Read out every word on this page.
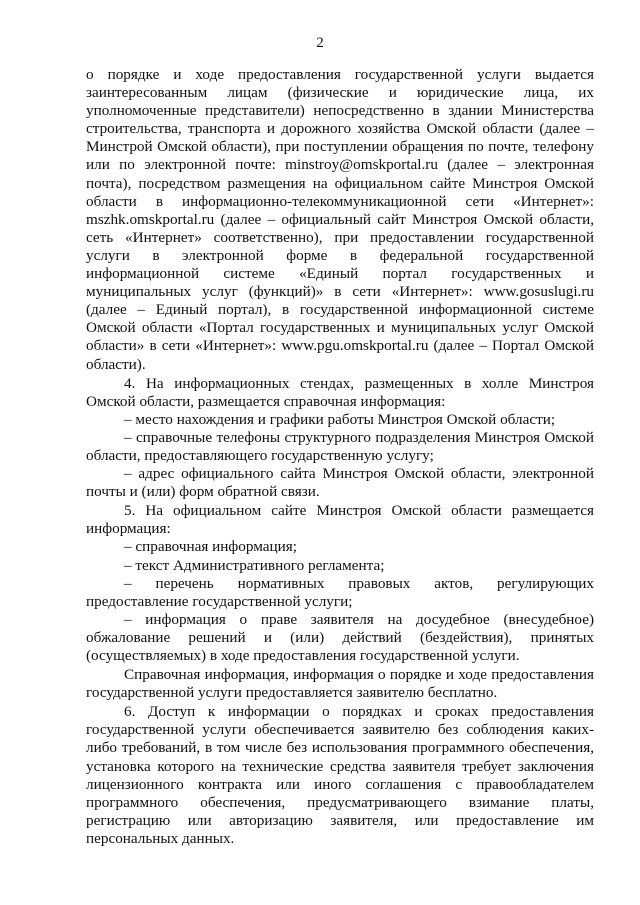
2

о порядке и ходе предоставления государственной услуги выдается заинтересованным лицам (физические и юридические лица, их уполномоченные представители) непосредственно в здании Министерства строительства, транспорта и дорожного хозяйства Омской области (далее – Минстрой Омской области), при поступлении обращения по почте, телефону или по электронной почте: minstroy@omskportal.ru (далее – электронная почта), посредством размещения на официальном сайте Минстроя Омской области в информационно-телекоммуникационной сети «Интернет»: mszhk.omskportal.ru (далее – официальный сайт Минстроя Омской области, сеть «Интернет» соответственно), при предоставлении государственной услуги в электронной форме в федеральной государственной информационной системе «Единый портал государственных и муниципальных услуг (функций)» в сети «Интернет»: www.gosuslugi.ru (далее – Единый портал), в государственной информационной системе Омской области «Портал государственных и муниципальных услуг Омской области» в сети «Интернет»: www.pgu.omskportal.ru (далее – Портал Омской области).

4. На информационных стендах, размещенных в холле Минстроя Омской области, размещается справочная информация:

– место нахождения и графики работы Минстроя Омской области;

– справочные телефоны структурного подразделения Минстроя Омской области, предоставляющего государственную услугу;

– адрес официального сайта Минстроя Омской области, электронной почты и (или) форм обратной связи.

5. На официальном сайте Минстроя Омской области размещается информация:

– справочная информация;

– текст Административного регламента;

– перечень нормативных правовых актов, регулирующих предоставление государственной услуги;

– информация о праве заявителя на досудебное (внесудебное) обжалование решений и (или) действий (бездействия), принятых (осуществляемых) в ходе предоставления государственной услуги.

Справочная информация, информация о порядке и ходе предоставления государственной услуги предоставляется заявителю бесплатно.

6. Доступ к информации о порядках и сроках предоставления государственной услуги обеспечивается заявителю без соблюдения каких-либо требований, в том числе без использования программного обеспечения, установка которого на технические средства заявителя требует заключения лицензионного контракта или иного соглашения с правообладателем программного обеспечения, предусматривающего взимание платы, регистрацию или авторизацию заявителя, или предоставление им персональных данных.
